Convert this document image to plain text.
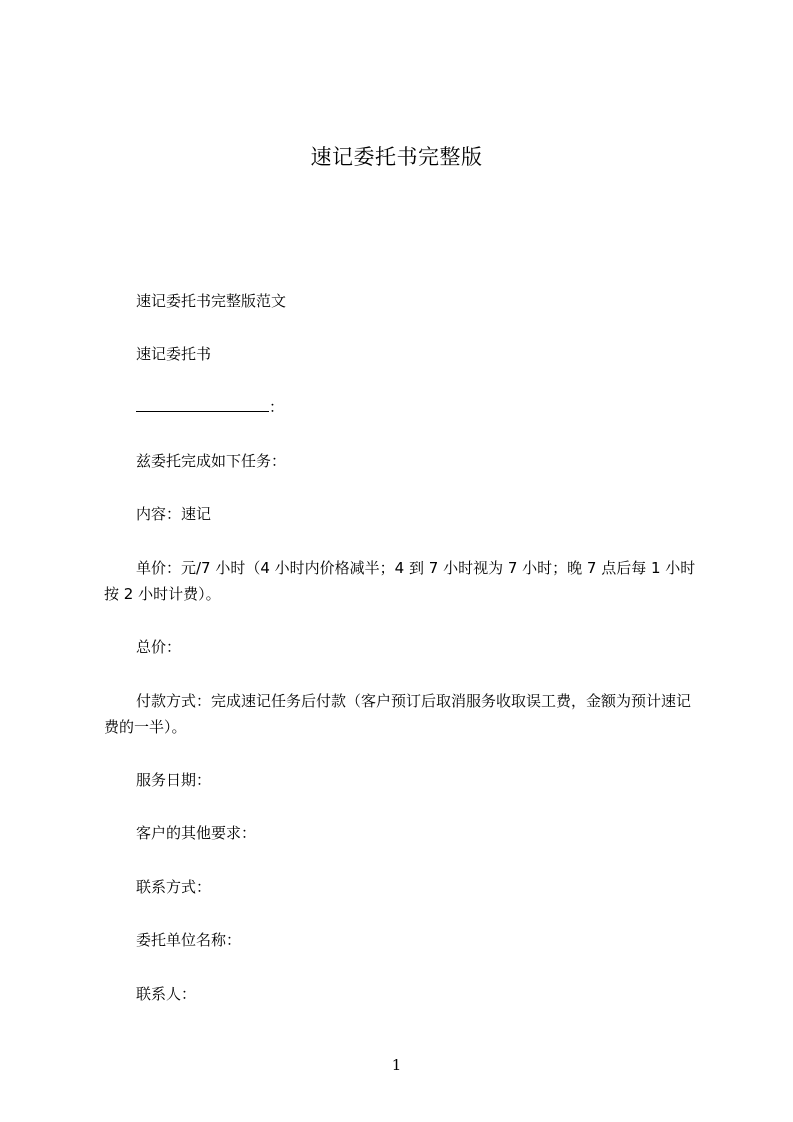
速记委托书完整版
速记委托书完整版范文
速记委托书
：
兹委托完成如下任务：
内容：速记
单价：元/7 小时（4 小时内价格减半；4 到 7 小时视为 7 小时；晚 7 点后每 1 小时按 2 小时计费）。
总价：
付款方式：完成速记任务后付款（客户预订后取消服务收取误工费，金额为预计速记费的一半）。
服务日期：
客户的其他要求：
联系方式：
委托单位名称：
联系人：
1
